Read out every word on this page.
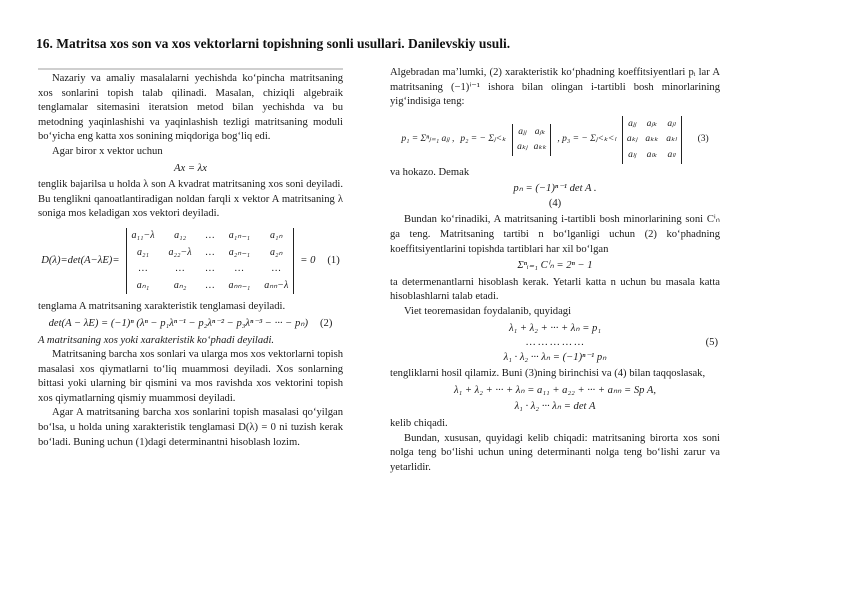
16. Matritsa xos son va xos vektorlarni topishning sonli usullari. Danilevskiy usuli.

Nazariy va amaliy masalalarni yechishda ko‘pincha matritsaning xos sonlarini topish talab qilinadi. Masalan, chiziqli algebraik tenglamalar sitemasini iteratsion metod bilan yechishda va bu metodning yaqinlashishi va yaqinlashish tezligi matritsaning moduli bo‘yicha eng katta xos sonining miqdoriga bog‘liq edi.

Agar biror x vektor uchun

Ax = λx

tenglik bajarilsa u holda λ son A kvadrat matritsaning xos soni deyiladi. Bu tenglikni qanoatlantiradigan noldan farqli x vektor A matritsaning λ soniga mos keladigan xos vektori deyiladi.

D(λ)=det(A−λE)=
a₁₁−λ	a₁₂	… a₁ₙ₋₁	a₁ₙ
a₂₁	a₂₂−λ … a₂ₙ₋₁	a₂ₙ
…	…	…	…	…
aₙ₁	aₙ₂	… aₙₙ₋₁ aₙₙ−λ
= 0 (1)

tenglama A matritsaning xarakteristik tenglamasi deyiladi.

det(A − λE) = (−1)ⁿ (λⁿ − p₁λⁿ⁻¹ − p₂λⁿ⁻² − p₃λⁿ⁻³ − ··· − pₙ) (2)

A matritsaning xos yoki xarakteristik ko‘phadi deyiladi.

Matritsaning barcha xos sonlari va ularga mos xos vektorlarni topish masalasi xos qiymatlarni to‘liq muammosi deyiladi. Xos sonlarning bittasi yoki ularning bir qismini va mos ravishda xos vektorini topish xos qiymatlarning qismiy muammosi deyiladi.

Agar A matritsaning barcha xos sonlarini topish masalasi qo‘yilgan bo‘lsa, u holda uning xarakteristik tenglamasi D(λ) = 0 ni tuzish kerak bo‘ladi. Buning uchun (1)dagi determinantni hisoblash lozim.

Algebradan ma’lumki, (2) xarakteristik ko‘phadning koeffitsiyentlari pᵢ lar A matritsaning (−1)ⁱ⁻¹ ishora bilan olingan i-tartibli bosh minorlarining yig‘indisiga teng:

p₁ = Σⁿⱼ₌₁ aⱼⱼ , p₂ = − Σⱼ<ₖ
aⱼⱼ aⱼₖ
aₖⱼ aₖₖ
, p₃ = − Σⱼ<ₖ<ₗ
aⱼⱼ aⱼₖ aⱼₗ
aₖⱼ aₖₖ aₖₗ
aₗⱼ aₗₖ aₗₗ
(3)

va hokazo. Demak

pₙ = (−1)ⁿ⁻¹ det A .
(4)

Bundan ko‘rinadiki, A matritsaning i-tartibli bosh minorlarining soni Cⁱₙ ga teng. Matritsaning tartibi n bo‘lganligi uchun (2) ko‘phadning koeffitsiyentlarini topishda tartiblari har xil bo‘lgan

Σⁿᵢ₌₁ Cⁱₙ = 2ⁿ − 1

ta determenantlarni hisoblash kerak. Yetarli katta n uchun bu masala katta hisoblashlarni talab etadi.

Viet teoremasidan foydalanib, quyidagi

λ₁ + λ₂ + ··· + λₙ = p₁
… … … … …
λ₁ · λ₂ ··· λₙ = (−1)ⁿ⁻¹ pₙ
(5)

tengliklarni hosil qilamiz. Buni (3)ning birinchisi va (4) bilan taqqoslasak,

λ₁ + λ₂ + ··· + λₙ = a₁₁ + a₂₂ + ··· + aₙₙ = Sp A,
λ₁ · λ₂ ··· λₙ = det A

kelib chiqadi.

Bundan, xususan, quyidagi kelib chiqadi: matritsaning birorta xos soni nolga teng bo‘lishi uchun uning determinanti nolga teng bo‘lishi zarur va yetarlidir.
